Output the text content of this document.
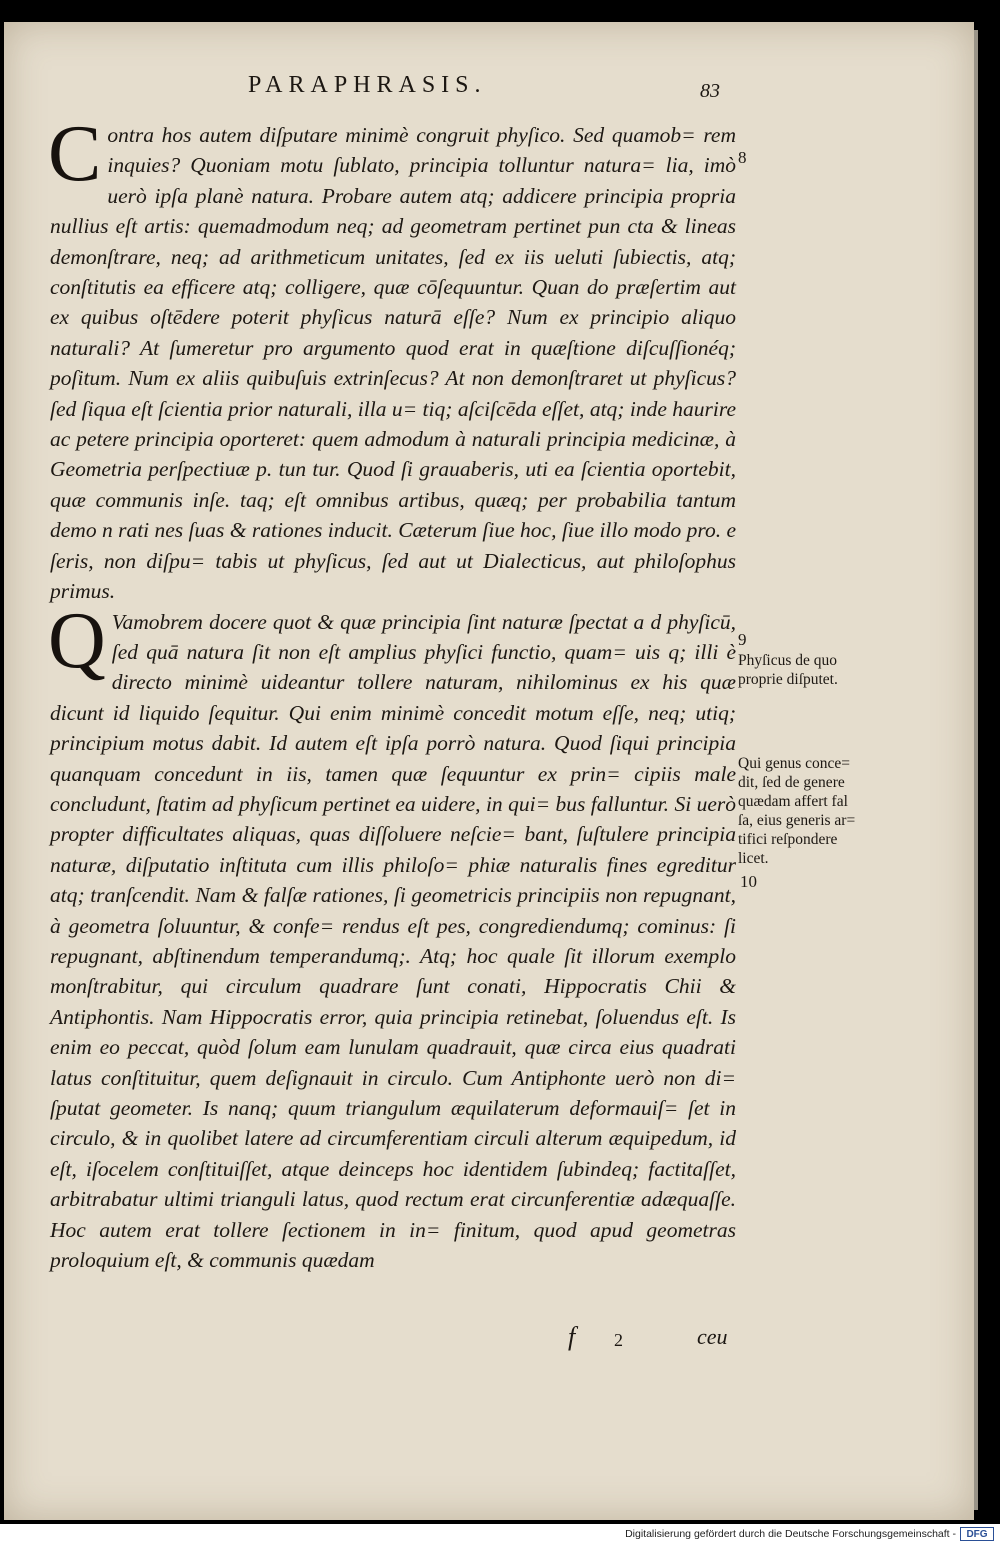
PARAPHRASIS.	83

C ontra hos autem diſputare minimè congruit phyſico. Sed quamob= rem inquies? Quoniam motu ſublato, principia tolluntur natura= lia, imò uerò ipſa planè natura. Probare autem atq; addicere principia propria nullius eſt artis: quemadmodum neq; ad geometram pertinet pun cta & lineas demonſtrare, neq; ad arithmeticum unitates, ſed ex iis ueluti ſubiectis, atq; conſtitutis ea efficere atq; colligere, quæ cōſequuntur. Quan do præſertim aut ex quibus oſtēdere poterit phyſicus naturā eſſe? Num ex principio aliquo naturali? At ſumeretur pro argumento quod erat in quæſtione diſcuſſionéq; poſitum. Num ex aliis quibuſuis extrinſecus? At non demonſtraret ut phyſicus? ſed ſiqua eſt ſcientia prior naturali, illa u= tiq; aſciſcēda eſſet, atq; inde haurire ac petere principia oporteret: quem admodum à naturali principia medicinæ, à Geometria perſpectiuæ p. tun tur. Quod ſi grauaberis, uti ea ſcientia oportebit, quæ communis inſe. taq; eſt omnibus artibus, quæq; per probabilia tantum demo n rati nes ſuas & rationes inducit. Cæterum ſiue hoc, ſiue illo modo pro. e ſeris, non diſpu= tabis ut phyſicus, ſed aut ut Dialecticus, aut philoſophus primus.

Q Vamobrem docere quot & quæ principia ſint naturæ ſpectat a d phyſicū, ſed quā natura ſit non eſt amplius phyſici functio, quam= uis q; illi è directo minimè uideantur tollere naturam, nihilominus ex his quæ dicunt id liquido ſequitur. Qui enim minimè concedit motum eſſe, neq; utiq; principium motus dabit. Id autem eſt ipſa porrò natura. Quod ſiqui principia quanquam concedunt in iis, tamen quæ ſequuntur ex prin= cipiis male concludunt, ſtatim ad phyſicum pertinet ea uidere, in qui= bus falluntur. Si uerò propter difficultates aliquas, quas diſſoluere neſcie= bant, ſuſtulere principia naturæ, diſputatio inſtituta cum illis philoſo= phiæ naturalis fines egreditur atq; tranſcendit. Nam & falſæ rationes, ſi geometricis principiis non repugnant, à geometra ſoluuntur, & confe= rendus eſt pes, congrediendumq; cominus: ſi repugnant, abſtinendum temperandumq;. Atq; hoc quale ſit illorum exemplo monſtrabitur, qui circulum quadrare ſunt conati, Hippocratis Chii & Antiphontis. Nam Hippocratis error, quia principia retinebat, ſoluendus eſt. Is enim eo peccat, quòd ſolum eam lunulam quadrauit, quæ circa eius quadrati latus conſtituitur, quem deſignauit in circulo. Cum Antiphonte uerò non di= ſputat geometer. Is nanq; quum triangulum æquilaterum deformauiſ= ſet in circulo, & in quolibet latere ad circumferentiam circuli alterum æquipedum, id eſt, iſocelem conſtituiſſet, atque deinceps hoc identidem ſubindeq; factitaſſet, arbitrabatur ultimi trianguli latus, quod rectum erat circunferentiæ adæquaſſe. Hoc autem erat tollere ſectionem in in= finitum, quod apud geometras proloquium eſt, & communis quædam

8
9
Phyſicus de quo
proprie diſputet.
Qui genus conce=
dit, ſed de genere
quædam affert fal
ſa, eius generis ar=
tifici reſpondere
licet.
10
f 2	ceu
Digitalisierung gefördert durch die Deutsche Forschungsgemeinschaft -	DFG
